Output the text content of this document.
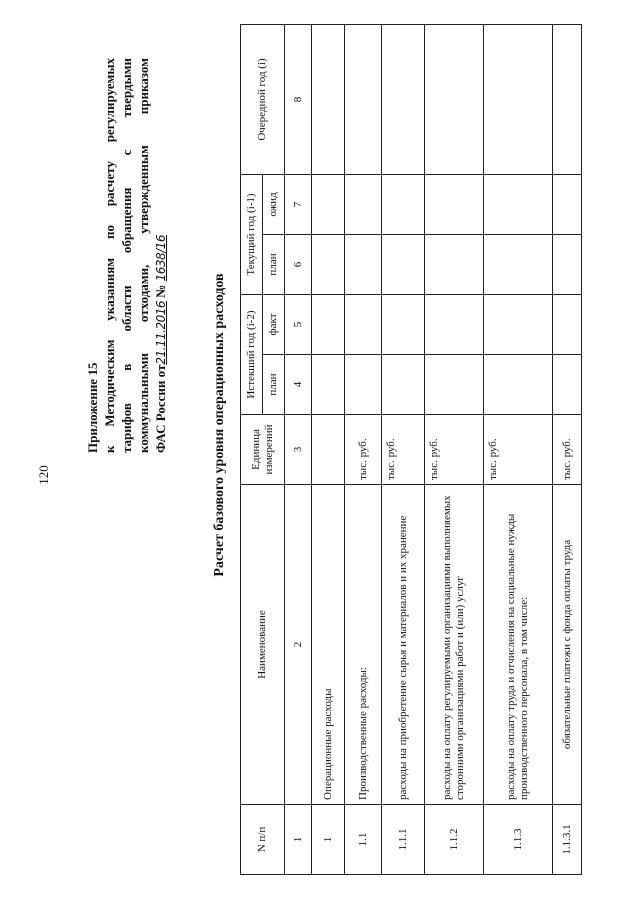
120
Приложение 15 к Методическим указаниям по расчету регулируемых тарифов в области обращения с твердыми коммунальными отходами, утвержденным приказом ФАС России от21.11.2016 № 1638/16
Расчет базового уровня операционных расходов
N п/п	Наименование	Единица измерений	Истекший год (i-2)		Текущий год (i-1)		Очередной год (i)
			план	факт	план	ожид	
1	2	3	4	5	6	7	8
1	Операционные расходы						
1.1	Производственные расходы:	тыс. руб.					
1.1.1	расходы на приобретение сырья и материалов и их хранение	тыс. руб.					
1.1.2	расходы на оплату регулируемыми организациями выполняемых сторонними организациями работ и (или) услуг	тыс. руб.					
1.1.3	расходы на оплату труда и отчисления на социальные нужды производственного персонала, в том числе:	тыс. руб.					
1.1.3.1	обязательные платежи с фонда оплаты труда	тыс. руб.					
